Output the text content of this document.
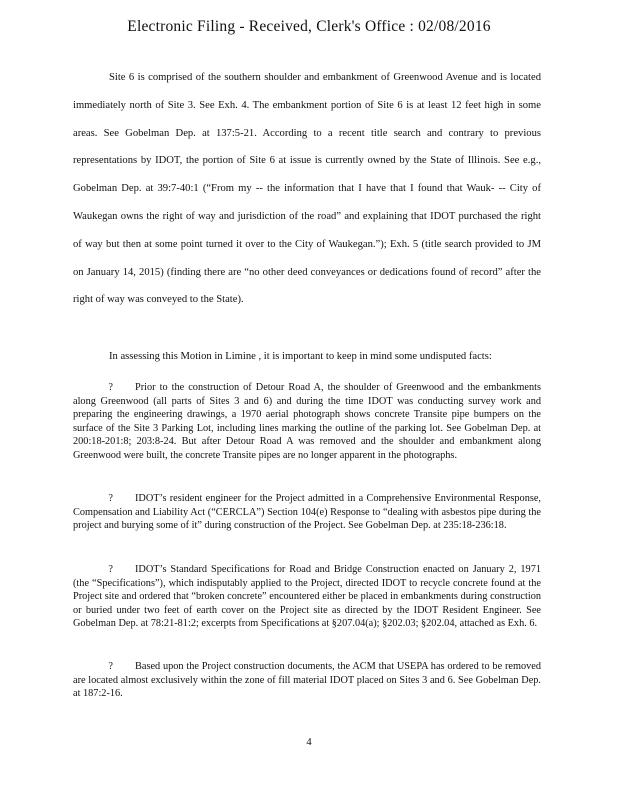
Electronic Filing - Received, Clerk's Office : 02/08/2016
Site 6 is comprised of the southern shoulder and embankment of Greenwood Avenue and is located immediately north of Site 3. See Exh. 4. The embankment portion of Site 6 is at least 12 feet high in some areas. See Gobelman Dep. at 137:5-21. According to a recent title search and contrary to previous representations by IDOT, the portion of Site 6 at issue is currently owned by the State of Illinois. See e.g., Gobelman Dep. at 39:7-40:1 (“From my -- the information that I have that I found that Wauk- -- City of Waukegan owns the right of way and jurisdiction of the road” and explaining that IDOT purchased the right of way but then at some point turned it over to the City of Waukegan.”); Exh. 5 (title search provided to JM on January 14, 2015) (finding there are “no other deed conveyances or dedications found of record” after the right of way was conveyed to the State).
In assessing this Motion in Limine , it is important to keep in mind some undisputed facts:
? Prior to the construction of Detour Road A, the shoulder of Greenwood and the embankments along Greenwood (all parts of Sites 3 and 6) and during the time IDOT was conducting survey work and preparing the engineering drawings, a 1970 aerial photograph shows concrete Transite pipe bumpers on the surface of the Site 3 Parking Lot, including lines marking the outline of the parking lot. See Gobelman Dep. at 200:18-201:8; 203:8-24. But after Detour Road A was removed and the shoulder and embankment along Greenwood were built, the concrete Transite pipes are no longer apparent in the photographs.
? IDOT’s resident engineer for the Project admitted in a Comprehensive Environmental Response, Compensation and Liability Act (“CERCLA”) Section 104(e) Response to “dealing with asbestos pipe during the project and burying some of it” during construction of the Project. See Gobelman Dep. at 235:18-236:18.
? IDOT’s Standard Specifications for Road and Bridge Construction enacted on January 2, 1971 (the “Specifications”), which indisputably applied to the Project, directed IDOT to recycle concrete found at the Project site and ordered that “broken concrete” encountered either be placed in embankments during construction or buried under two feet of earth cover on the Project site as directed by the IDOT Resident Engineer. See Gobelman Dep. at 78:21-81:2; excerpts from Specifications at §207.04(a); §202.03; §202.04, attached as Exh. 6.
? Based upon the Project construction documents, the ACM that USEPA has ordered to be removed are located almost exclusively within the zone of fill material IDOT placed on Sites 3 and 6. See Gobelman Dep. at 187:2-16.
4
